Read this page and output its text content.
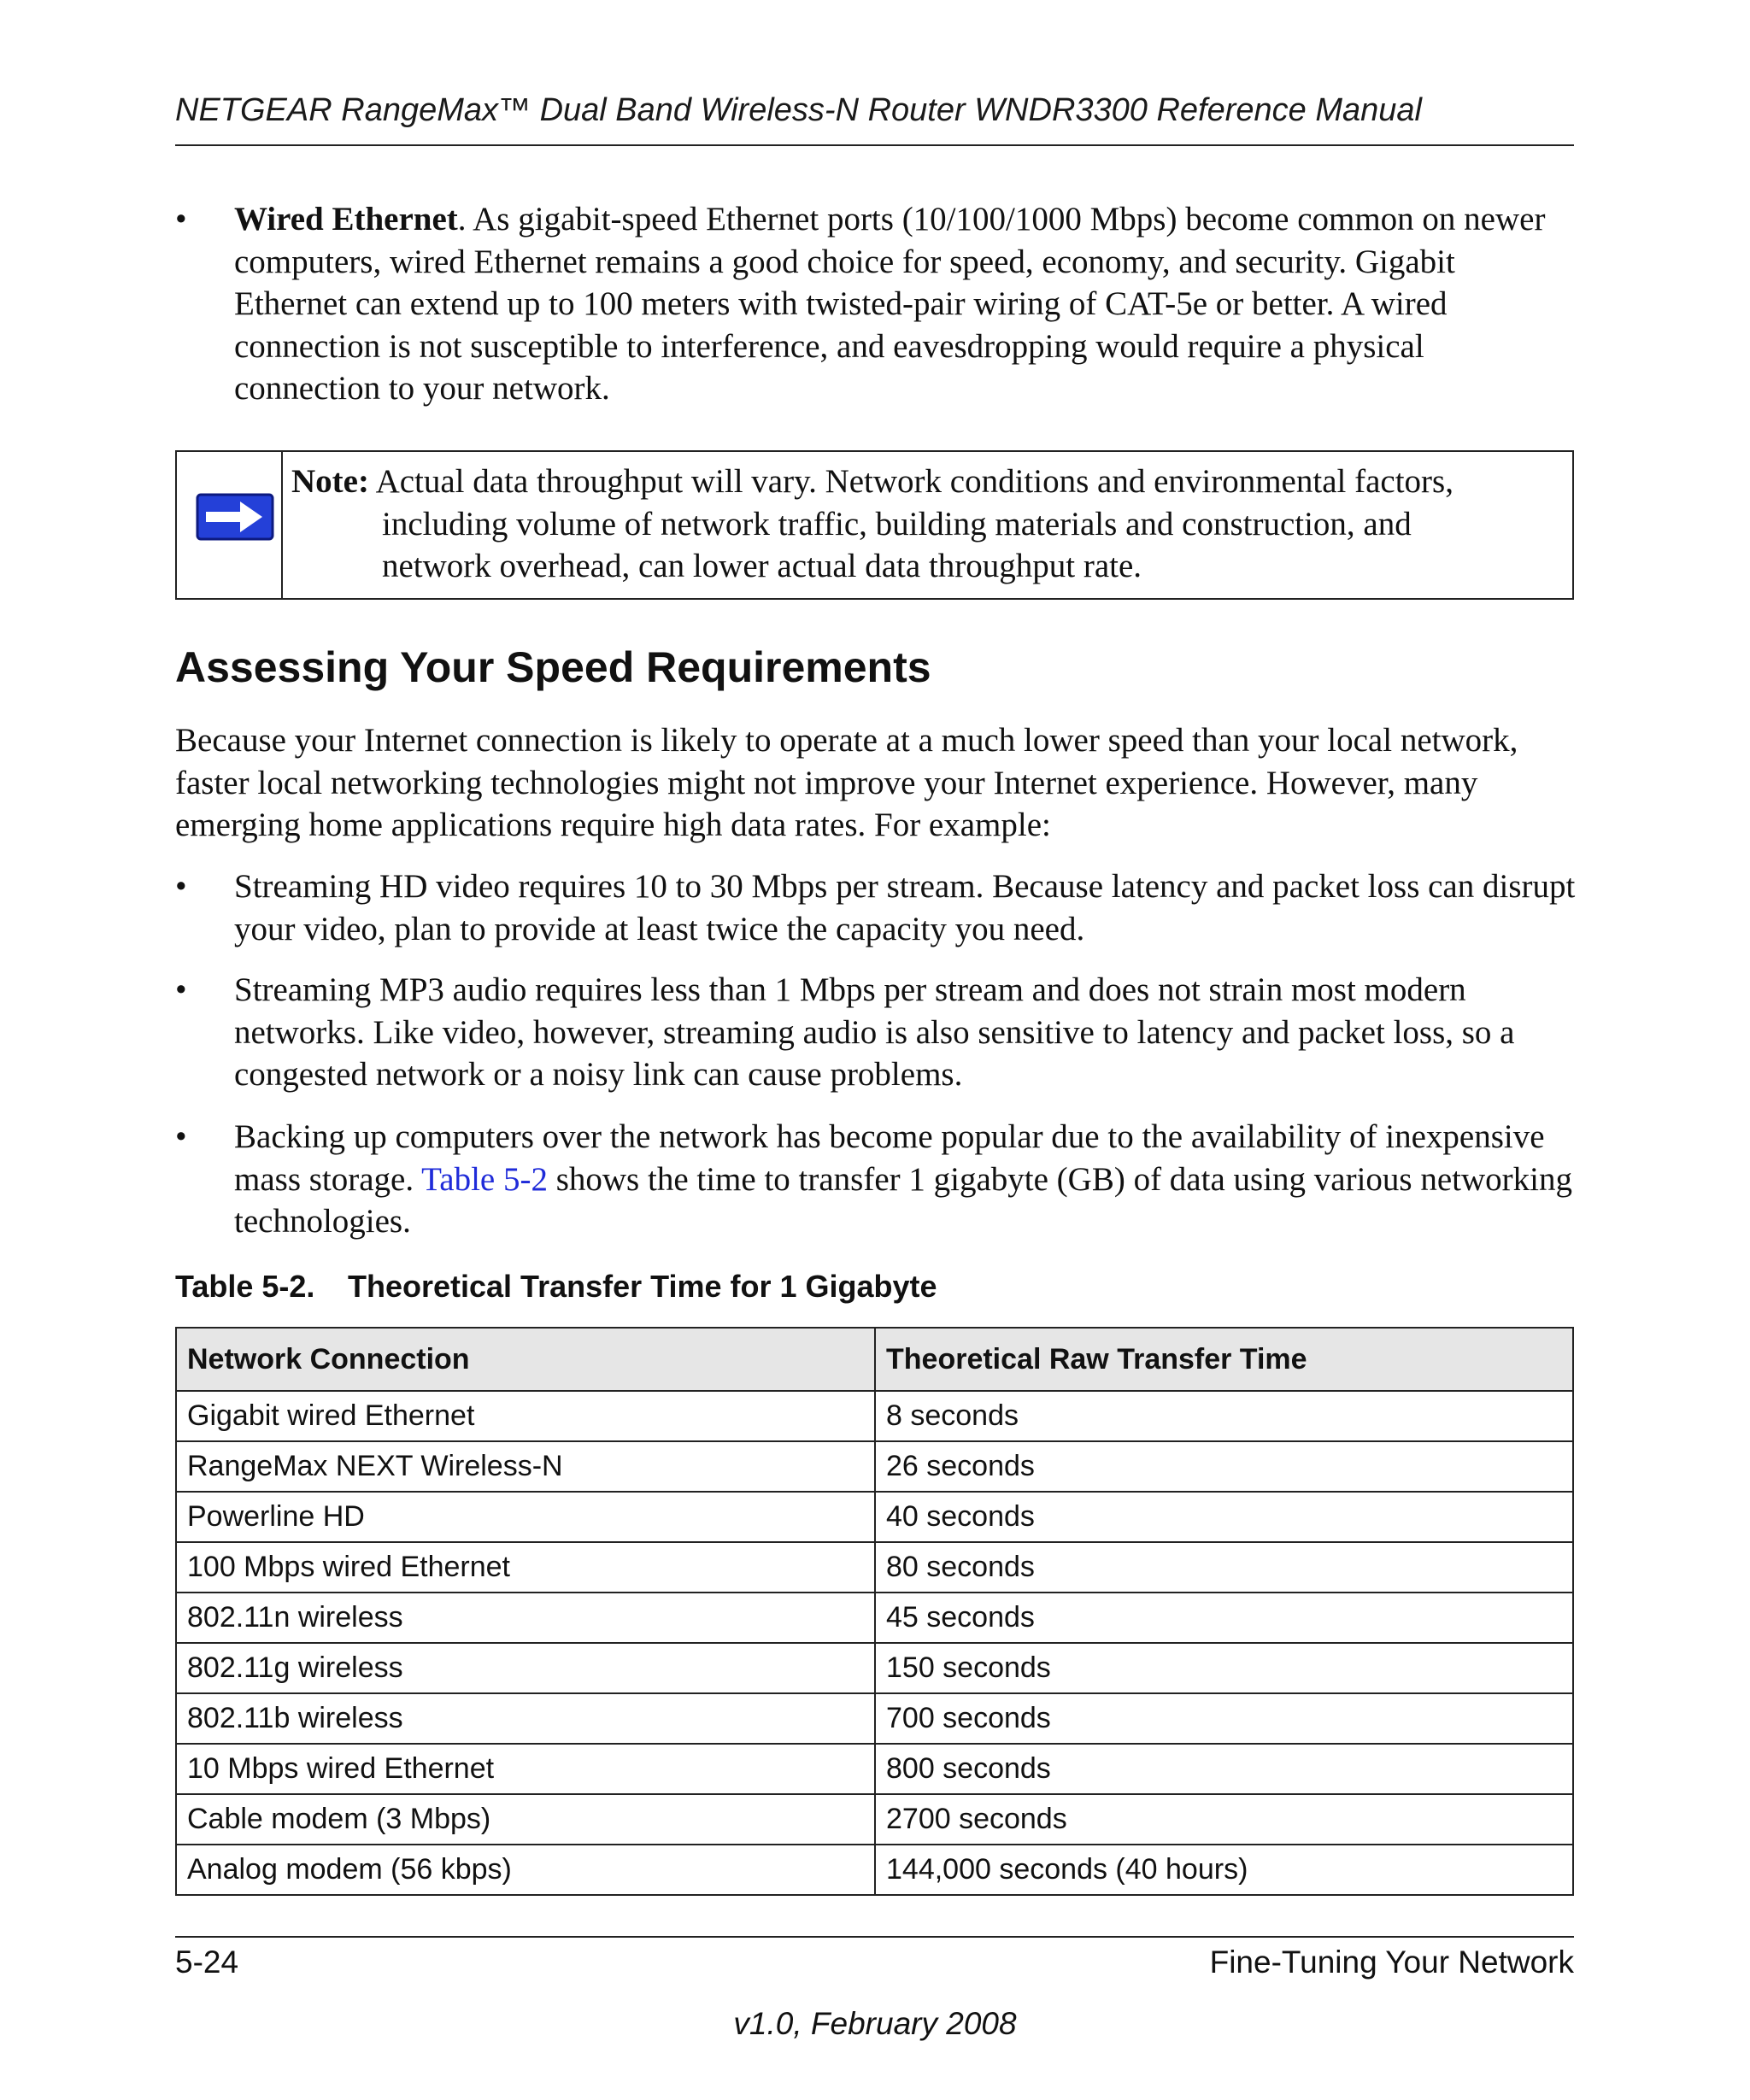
NETGEAR RangeMax™ Dual Band Wireless-N Router WNDR3300 Reference Manual
• Wired Ethernet. As gigabit-speed Ethernet ports (10/100/1000 Mbps) become common on newer computers, wired Ethernet remains a good choice for speed, economy, and security. Gigabit Ethernet can extend up to 100 meters with twisted-pair wiring of CAT-5e or better. A wired connection is not susceptible to interference, and eavesdropping would require a physical connection to your network.
Note: Actual data throughput will vary. Network conditions and environmental factors,
including volume of network traffic, building materials and construction, and
network overhead, can lower actual data throughput rate.
Assessing Your Speed Requirements
Because your Internet connection is likely to operate at a much lower speed than your local network, faster local networking technologies might not improve your Internet experience. However, many emerging home applications require high data rates. For example:
• Streaming HD video requires 10 to 30 Mbps per stream. Because latency and packet loss can disrupt your video, plan to provide at least twice the capacity you need.
• Streaming MP3 audio requires less than 1 Mbps per stream and does not strain most modern networks. Like video, however, streaming audio is also sensitive to latency and packet loss, so a congested network or a noisy link can cause problems.
• Backing up computers over the network has become popular due to the availability of inexpensive mass storage. Table 5-2 shows the time to transfer 1 gigabyte (GB) of data using various networking technologies.
Table 5-2. Theoretical Transfer Time for 1 Gigabyte
Network Connection	Theoretical Raw Transfer Time
Gigabit wired Ethernet	8 seconds
RangeMax NEXT Wireless-N	26 seconds
Powerline HD	40 seconds
100 Mbps wired Ethernet	80 seconds
802.11n wireless	45 seconds
802.11g wireless	150 seconds
802.11b wireless	700 seconds
10 Mbps wired Ethernet	800 seconds
Cable modem (3 Mbps)	2700 seconds
Analog modem (56 kbps)	144,000 seconds (40 hours)
5-24	Fine-Tuning Your Network
v1.0, February 2008
